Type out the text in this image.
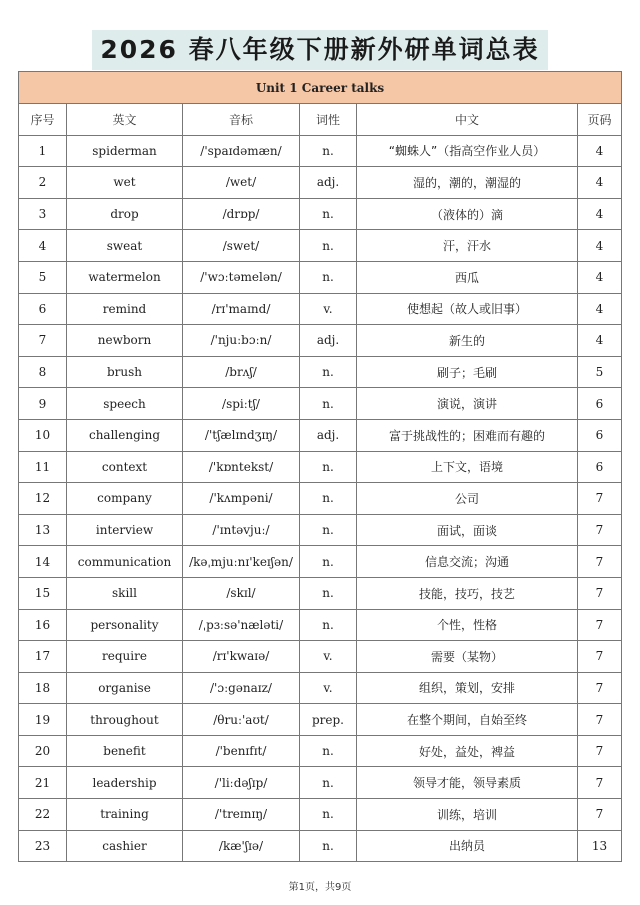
2026 春八年级下册新外研单词总表
Unit 1 Career talks					
序号	英文	音标	词性	中文	页码
1	spiderman	/'spaɪdəmæn/	n.	“蜘蛛人”（指高空作业人员）	4
2	wet	/wet/	adj.	湿的，潮的，潮湿的	4
3	drop	/drɒp/	n.	（液体的）滴	4
4	sweat	/swet/	n.	汗，汗水	4
5	watermelon	/'wɔːtəmelən/	n.	西瓜	4
6	remind	/rɪ'maɪnd/	v.	使想起（故人或旧事）	4
7	newborn	/'njuːbɔːn/	adj.	新生的	4
8	brush	/brʌʃ/	n.	刷子；毛刷	5
9	speech	/spiːtʃ/	n.	演说，演讲	6
10	challenging	/'tʃælɪndʒɪŋ/	adj.	富于挑战性的；困难而有趣的	6
11	context	/'kɒntekst/	n.	上下文，语境	6
12	company	/'kʌmpəni/	n.	公司	7
13	interview	/'ɪntəvjuː/	n.	面试，面谈	7
14	communication	/kəˌmjuːnɪ'keɪʃən/	n.	信息交流；沟通	7
15	skill	/skɪl/	n.	技能，技巧，技艺	7
16	personality	/ˌpɜːsə'næləti/	n.	个性，性格	7
17	require	/rɪ'kwaɪə/	v.	需要（某物）	7
18	organise	/'ɔːgənaɪz/	v.	组织，策划，安排	7
19	throughout	/θruː'aʊt/	prep.	在整个期间，自始至终	7
20	benefit	/'benɪfɪt/	n.	好处，益处，裨益	7
21	leadership	/'liːdəʃɪp/	n.	领导才能，领导素质	7
22	training	/'treɪnɪŋ/	n.	训练，培训	7
23	cashier	/kæ'ʃɪə/	n.	出纳员	13
第1页，共9页
